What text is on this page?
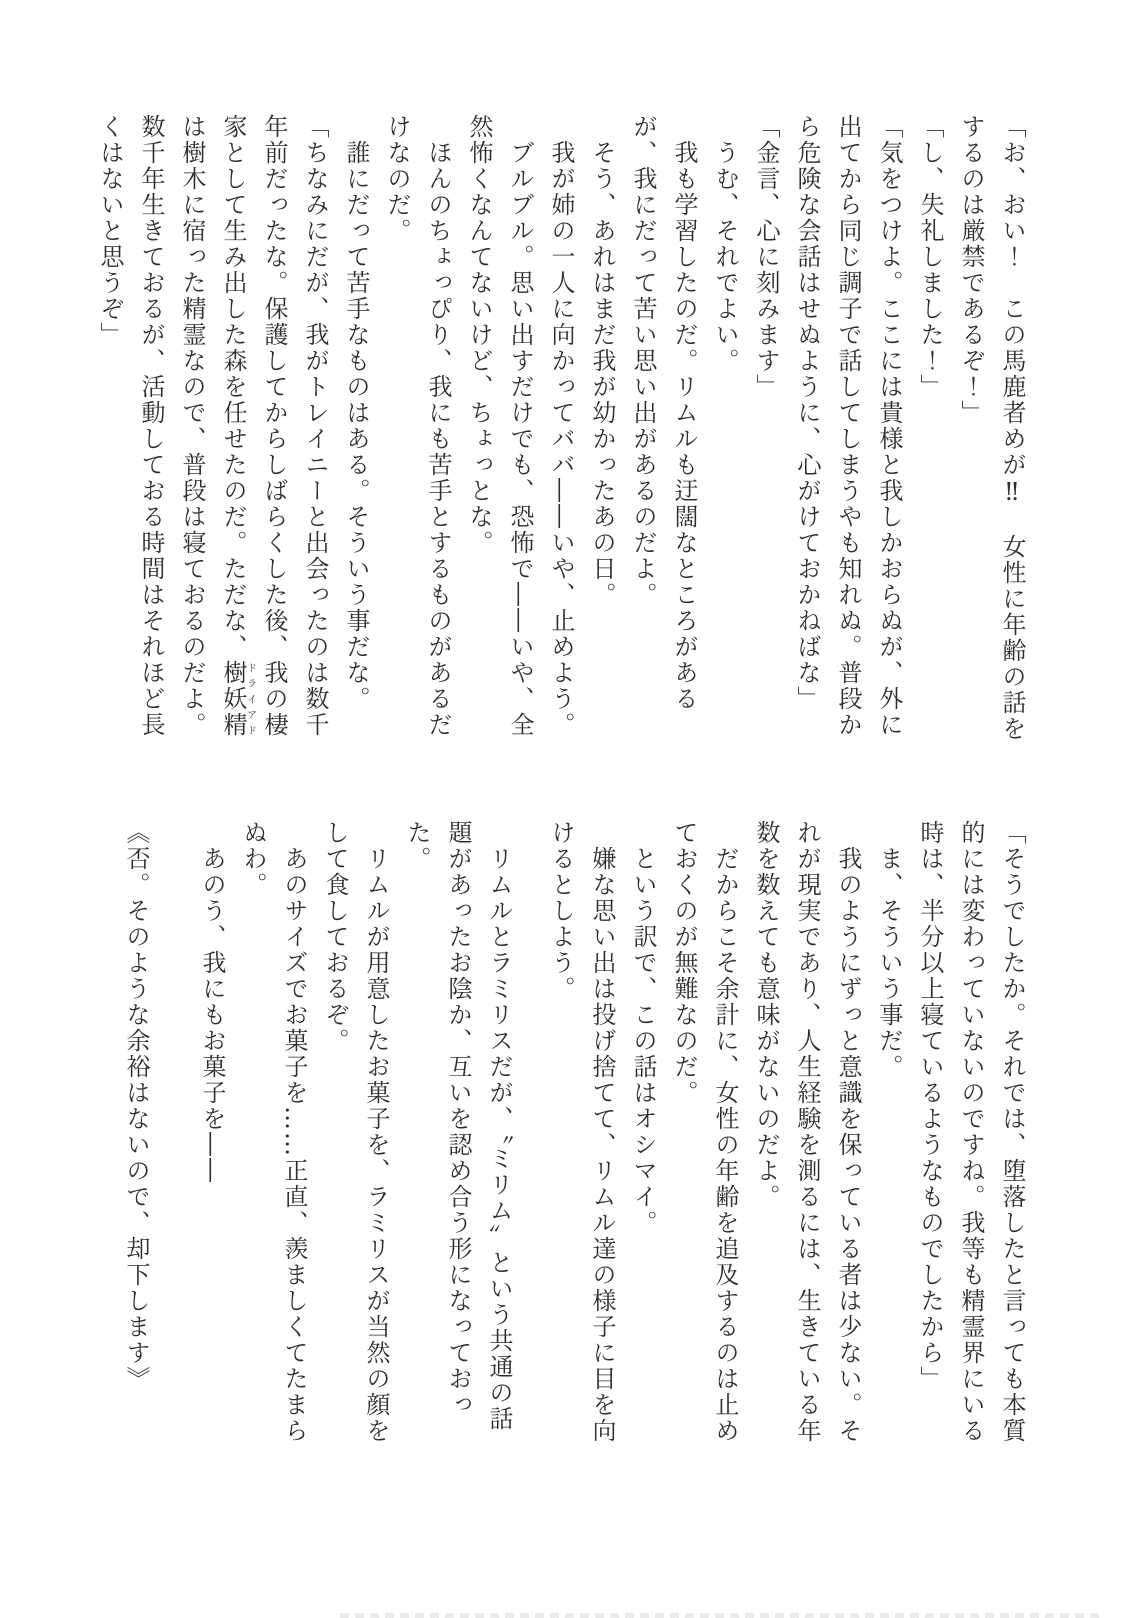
「お、おい！　この馬鹿者めが‼　女性に年齢の話をするのは厳禁であるぞ！」

「し、失礼しました！」

「気をつけよ。ここには貴様と我しかおらぬが、外に出てから同じ調子で話してしまうやも知れぬ。普段から危険な会話はせぬように、心がけておかねばな」

「金言、心に刻みます」

　うむ、それでよい。

　我も学習したのだ。リムルも迂闊なところがあるが、我にだって苦い思い出があるのだよ。

　そう、あれはまだ我が幼かったあの日。

　我が姉の一人に向かってババ――いや、止めよう。

　ブルブル。思い出すだけでも、恐怖で――いや、全然怖くなんてないけど、ちょっとな。

　ほんのちょっぴり、我にも苦手とするものがあるだけなのだ。

　誰にだって苦手なものはある。そういう事だな。

「ちなみにだが、我がトレイニーと出会ったのは数千年前だったな。保護してからしばらくした後、我の棲家として生み出した森を任せたのだ。ただな、樹妖精ドライアドは樹木に宿った精霊なので、普段は寝ておるのだよ。数千年生きておるが、活動しておる時間はそれほど長くはないと思うぞ」

「そうでしたか。それでは、堕落したと言っても本質的には変わっていないのですね。我等も精霊界にいる時は、半分以上寝ているようなものでしたから」

　ま、そういう事だ。

　我のようにずっと意識を保っている者は少ない。それが現実であり、人生経験を測るには、生きている年数を数えても意味がないのだよ。

　だからこそ余計に、女性の年齢を追及するのは止めておくのが無難なのだ。

　という訳で、この話はオシマイ。

　嫌な思い出は投げ捨てて、リムル達の様子に目を向けるとしよう。

　リムルとラミリスだが、〝ミリム〟という共通の話題があったお陰か、互いを認め合う形になっておった。

　リムルが用意したお菓子を、ラミリスが当然の顔をして食しておるぞ。

　あのサイズでお菓子を……正直、羨ましくてたまらぬわ。

　あのう、我にもお菓子を――

《否。そのような余裕はないので、却下します》
